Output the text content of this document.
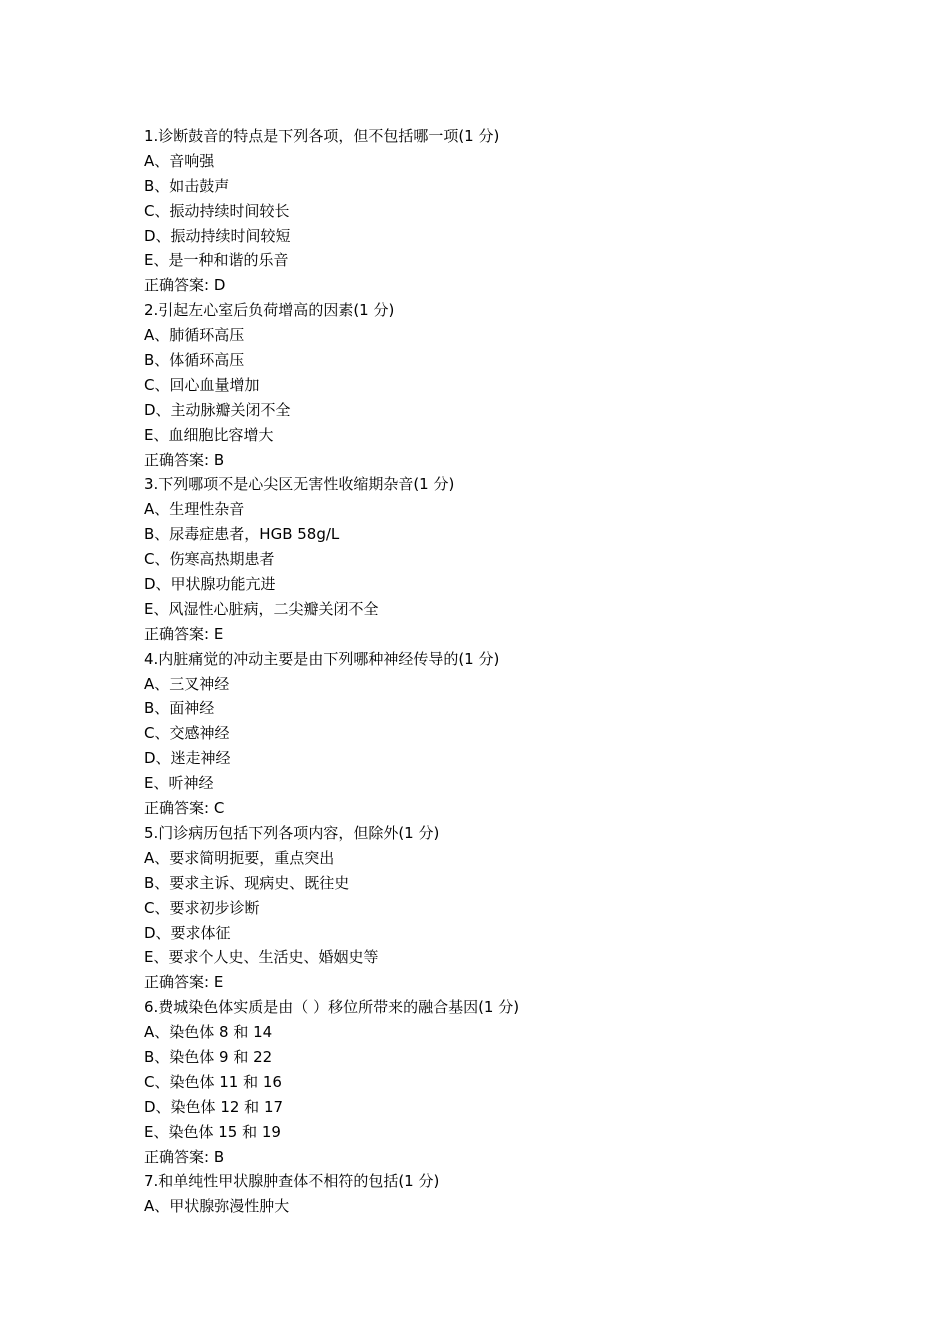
1.诊断鼓音的特点是下列各项，但不包括哪一项(1 分)
A、音响强
B、如击鼓声
C、振动持续时间较长
D、振动持续时间较短
E、是一种和谐的乐音
正确答案: D
2.引起左心室后负荷增高的因素(1 分)
A、肺循环高压
B、体循环高压
C、回心血量增加
D、主动脉瓣关闭不全
E、血细胞比容增大
正确答案: B
3.下列哪项不是心尖区无害性收缩期杂音(1 分)
A、生理性杂音
B、尿毒症患者，HGB 58g/L
C、伤寒高热期患者
D、甲状腺功能亢进
E、风湿性心脏病，二尖瓣关闭不全
正确答案: E
4.内脏痛觉的冲动主要是由下列哪种神经传导的(1 分)
A、三叉神经
B、面神经
C、交感神经
D、迷走神经
E、听神经
正确答案: C
5.门诊病历包括下列各项内容，但除外(1 分)
A、要求简明扼要，重点突出
B、要求主诉、现病史、既往史
C、要求初步诊断
D、要求体征
E、要求个人史、生活史、婚姻史等
正确答案: E
6.费城染色体实质是由（ ）移位所带来的融合基因(1 分)
A、染色体 8 和 14
B、染色体 9 和 22
C、染色体 11 和 16
D、染色体 12 和 17
E、染色体 15 和 19
正确答案: B
7.和单纯性甲状腺肿查体不相符的包括(1 分)
A、甲状腺弥漫性肿大
